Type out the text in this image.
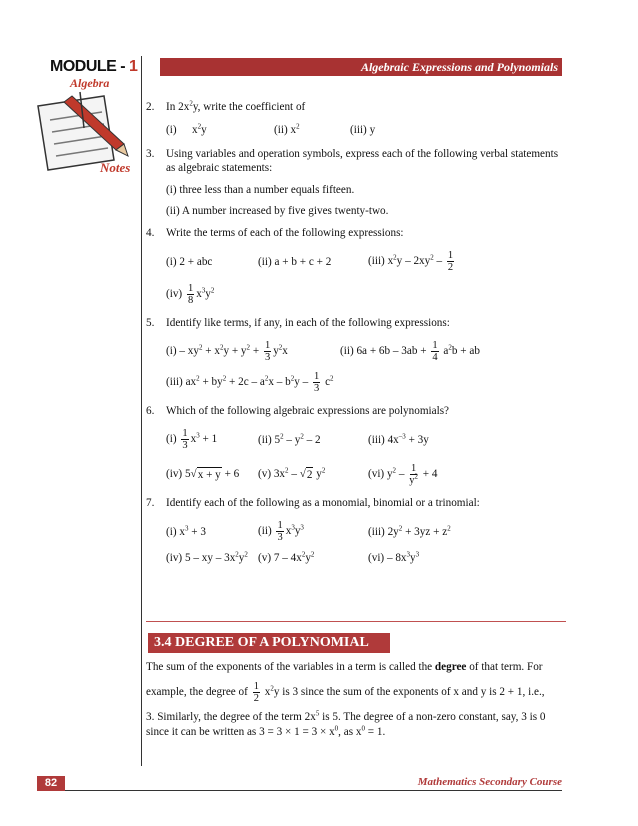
MODULE - 1
Algebra
Notes
Algebraic Expressions and Polynomials
2. In $2x^2y$, write the coefficient of
(i)	$x^2y$	(ii) $x^2$	(iii) y
3. Using variables and operation symbols, express each of the following verbal statements as algebraic statements:
(i) three less than a number equals fifteen.
(ii) A number increased by five gives twenty-two.
4. Write the terms of each of the following expressions:
(i) 2 + abc	(ii) a + b + c + 2	(iii) $x^2y - 2xy^2 - \frac{1}{2}$
$(iv) \frac{1}{8} x^3y^2$
5. Identify like terms, if any, in each of the following expressions:
$(i) - xy^2 + x^2y + y^2 + \frac{1}{3} y^2x$	(ii) $6a + 6b - 3ab + \frac{1}{4} a^2b$ + ab
(iii) $ax^2 + by^2 + 2c - a^2x - b^2y - \frac{1}{3} c^2$
6. Which of the following algebraic expressions are polynomials?
$(i) \frac{1}{3} x^3 + 1$	(ii) $5^2 - y^2 - 2$	(iii) $4x^{-3} + 3y$
(iv) 5 √ x + y + 6	(v) $3x^2$ – √ 2 $y^2$	(vi) $y^2 - \frac{1}{y^2} + 4$
7. Identify each of the following as a monomial, binomial or a trinomial:
(i) $x^3 + 3$	$(ii) \frac{1}{3} x^3y^3$	(iii) $2y^2 + 3yz + z^2$
(iv) 5 – xy – $3x^2y^2$ (v) $7 - 4x^2y^2$	$(vi) - 8x^3y^3$
3.4 DEGREE OF A POLYNOMIAL
The sum of the exponents of the variables in a term is called the degree of that term. For
example, the degree of $\frac{1}{2} x^2y$ is 3 since the sum of the exponents of x and y is 2 + 1, i.e.,
3. Similarly, the degree of the term $2x^5$ is 5. The degree of a non-zero constant, say, 3 is 0
since it can be written as $3 = 3 \times 1 = 3 \times x^0$, as $x^0 = 1$.
82	Mathematics Secondary Course
